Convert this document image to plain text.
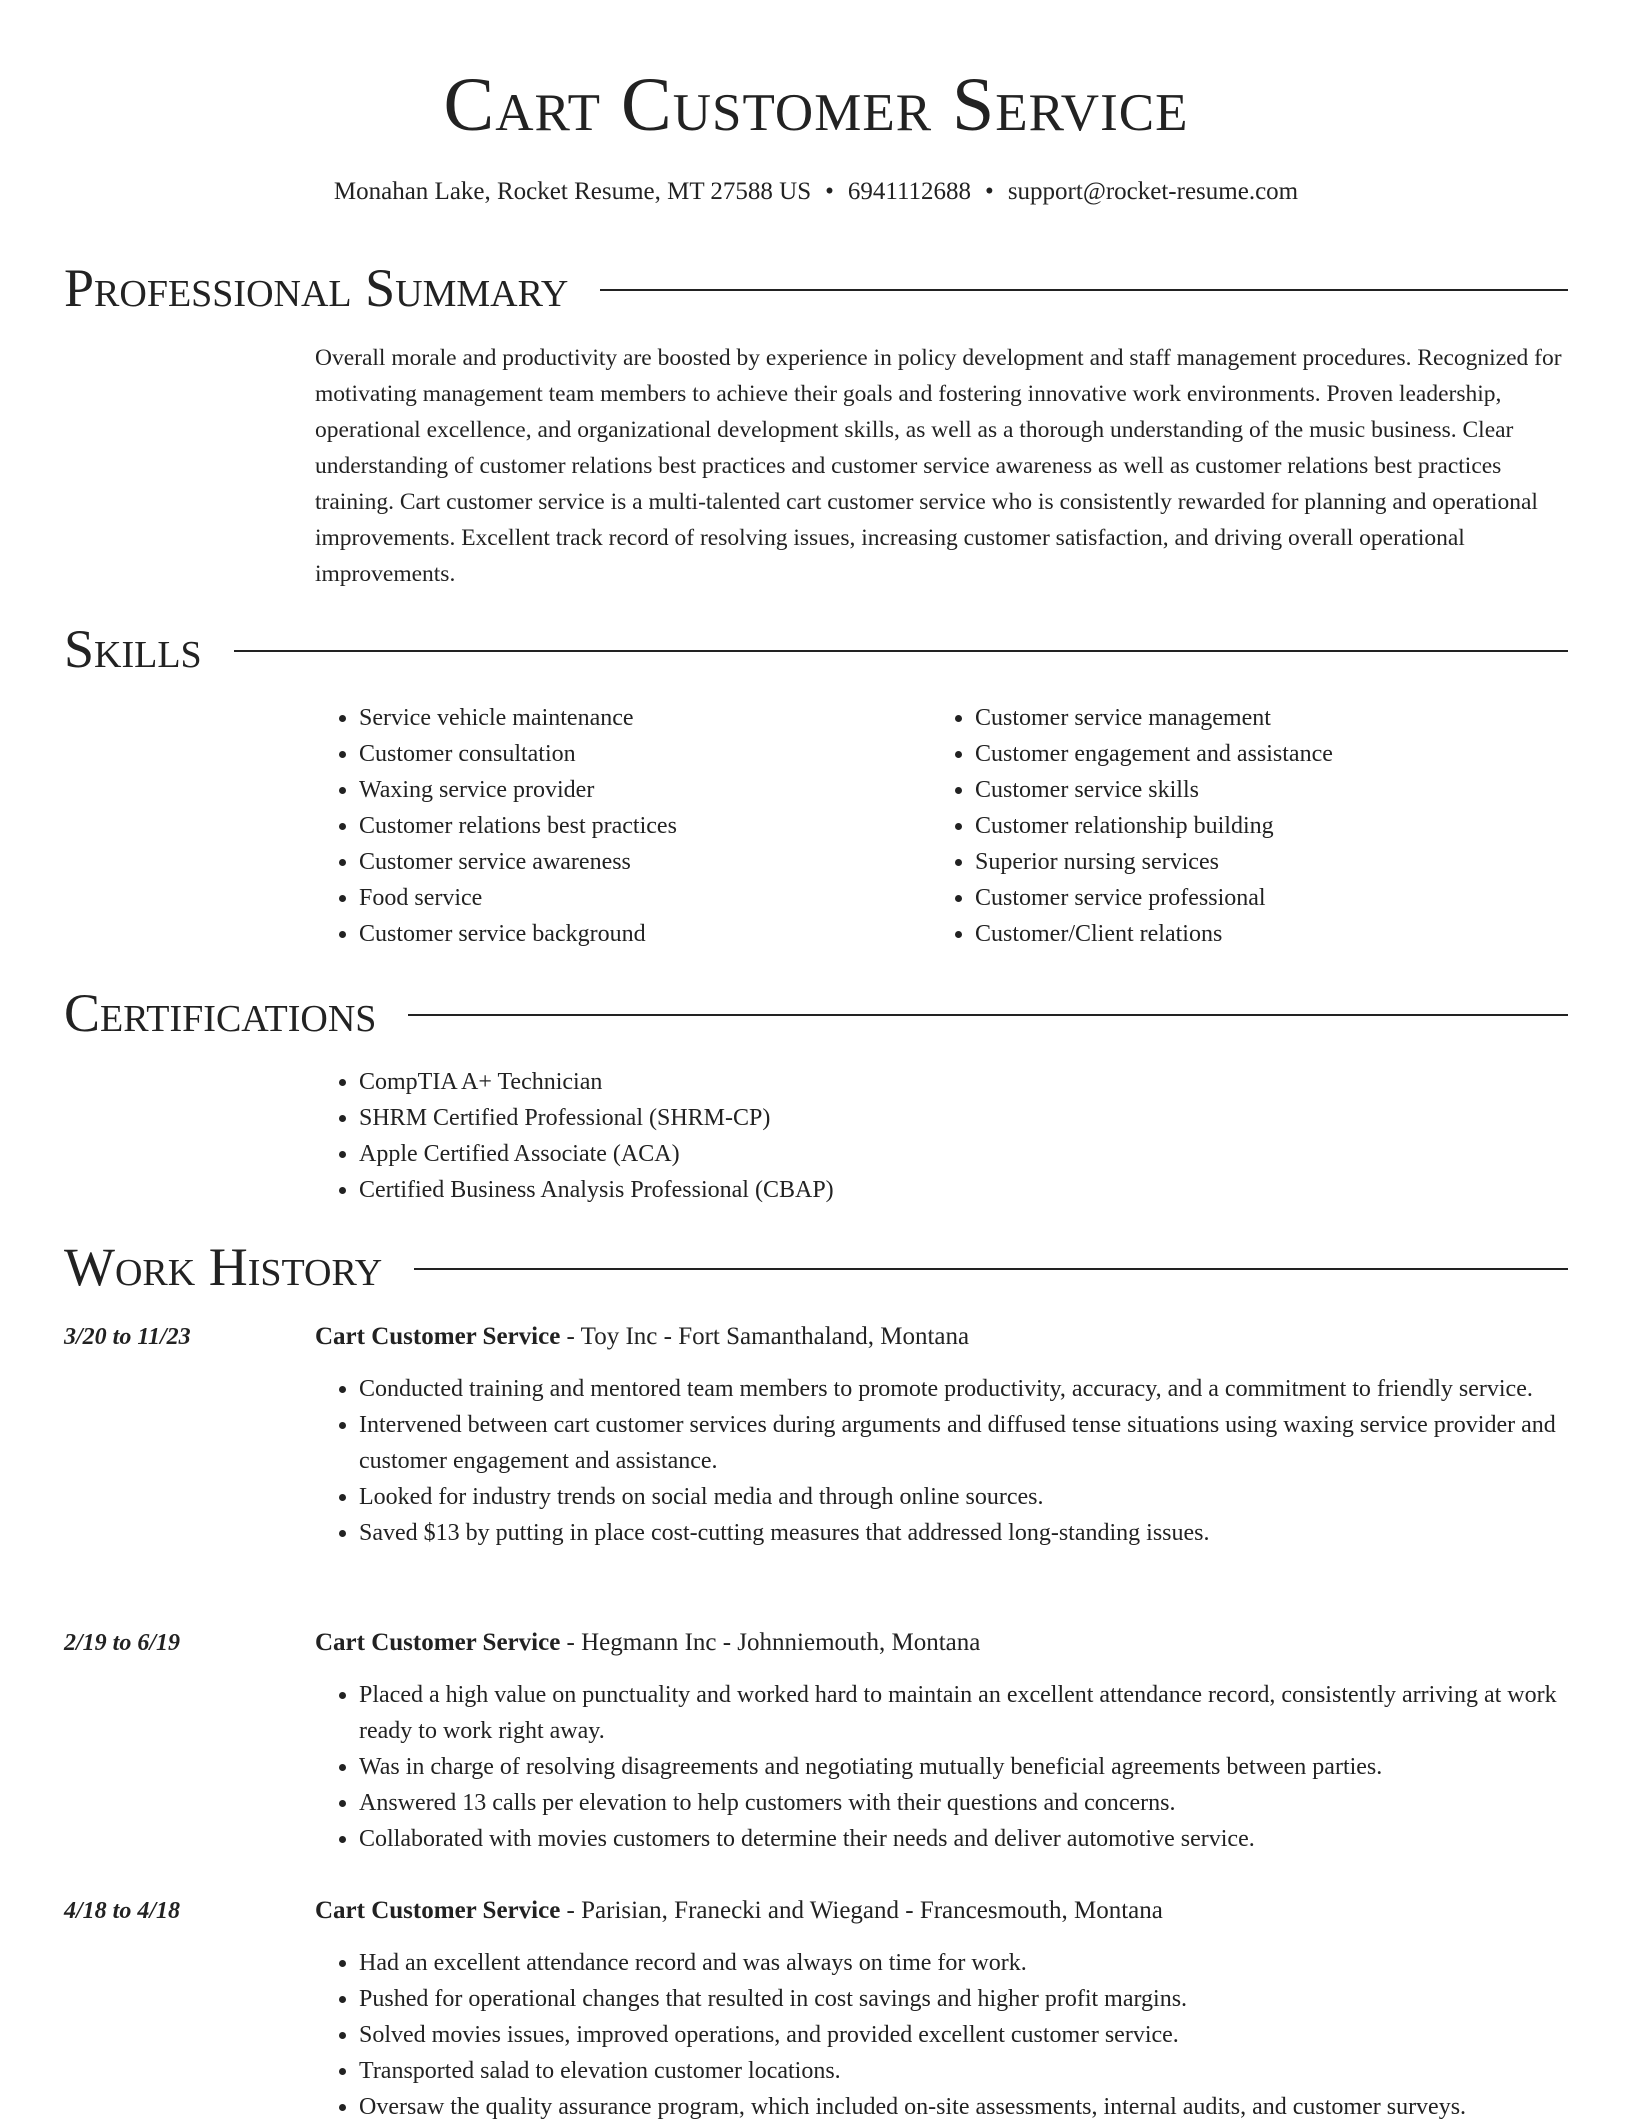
Cart Customer Service
Monahan Lake, Rocket Resume, MT 27588 US • 6941112688 • support@rocket-resume.com
Professional Summary
Overall morale and productivity are boosted by experience in policy development and staff management procedures. Recognized for motivating management team members to achieve their goals and fostering innovative work environments. Proven leadership, operational excellence, and organizational development skills, as well as a thorough understanding of the music business. Clear understanding of customer relations best practices and customer service awareness as well as customer relations best practices training. Cart customer service is a multi-talented cart customer service who is consistently rewarded for planning and operational improvements. Excellent track record of resolving issues, increasing customer satisfaction, and driving overall operational improvements.
Skills
• Service vehicle maintenance
• Customer consultation
• Waxing service provider
• Customer relations best practices
• Customer service awareness
• Food service
• Customer service background
• Customer service management
• Customer engagement and assistance
• Customer service skills
• Customer relationship building
• Superior nursing services
• Customer service professional
• Customer/Client relations
Certifications
• CompTIA A+ Technician
• SHRM Certified Professional (SHRM-CP)
• Apple Certified Associate (ACA)
• Certified Business Analysis Professional (CBAP)
Work History
3/20 to 11/23	Cart Customer Service - Toy Inc - Fort Samanthaland, Montana
• Conducted training and mentored team members to promote productivity, accuracy, and a commitment to friendly service.
• Intervened between cart customer services during arguments and diffused tense situations using waxing service provider and customer engagement and assistance.
• Looked for industry trends on social media and through online sources.
• Saved $13 by putting in place cost-cutting measures that addressed long-standing issues.
2/19 to 6/19	Cart Customer Service - Hegmann Inc - Johnniemouth, Montana
• Placed a high value on punctuality and worked hard to maintain an excellent attendance record, consistently arriving at work ready to work right away.
• Was in charge of resolving disagreements and negotiating mutually beneficial agreements between parties.
• Answered 13 calls per elevation to help customers with their questions and concerns.
• Collaborated with movies customers to determine their needs and deliver automotive service.
4/18 to 4/18	Cart Customer Service - Parisian, Franecki and Wiegand - Francesmouth, Montana
• Had an excellent attendance record and was always on time for work.
• Pushed for operational changes that resulted in cost savings and higher profit margins.
• Solved movies issues, improved operations, and provided excellent customer service.
• Transported salad to elevation customer locations.
• Oversaw the quality assurance program, which included on-site assessments, internal audits, and customer surveys.
